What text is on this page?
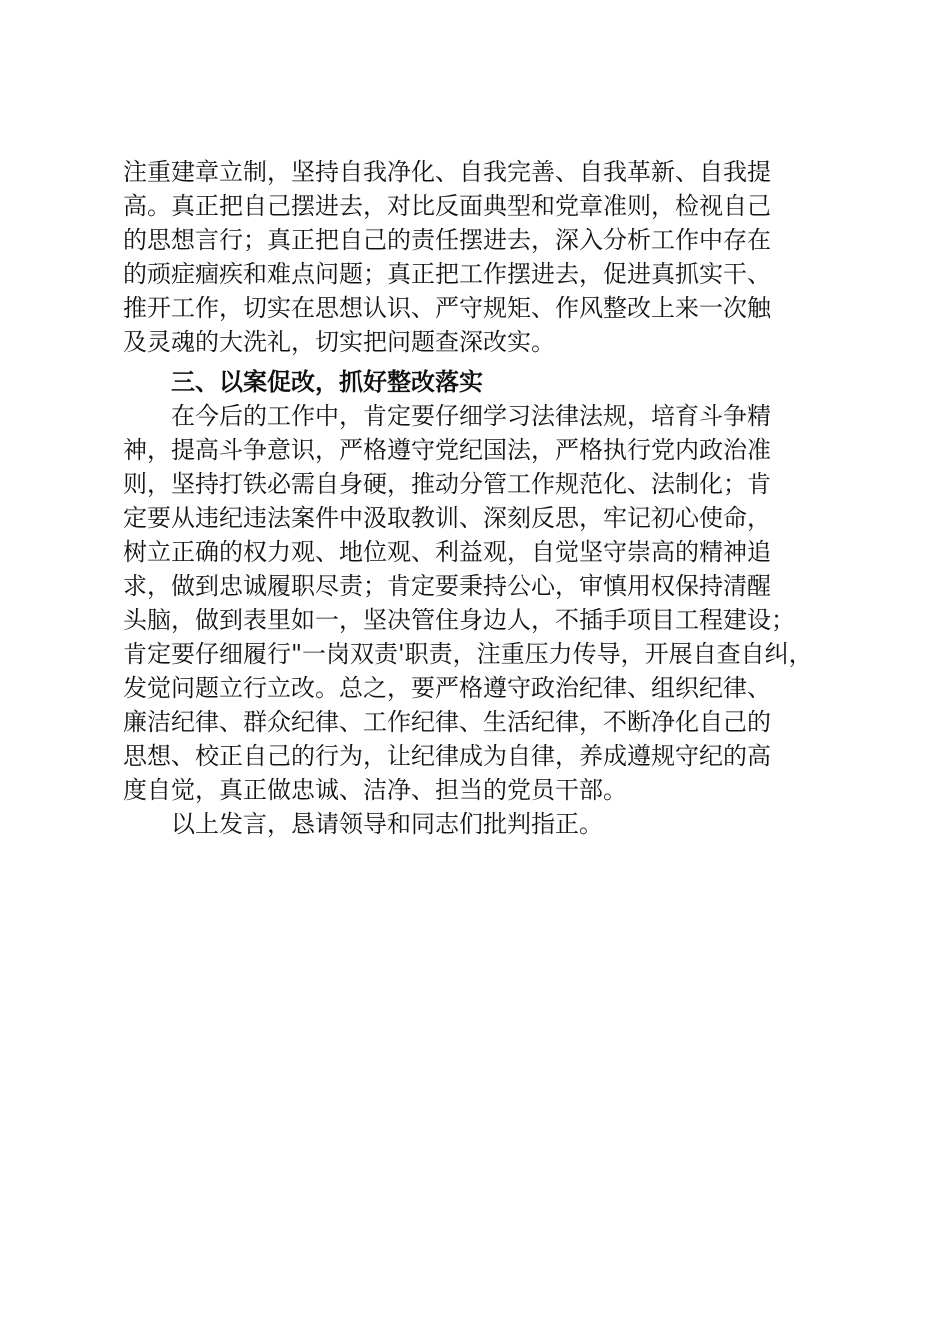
注重建章立制，坚持自我净化、自我完善、自我革新、自我提
高。真正把自己摆进去，对比反面典型和党章准则，检视自己
的思想言行；真正把自己的责任摆进去，深入分析工作中存在
的顽症痼疾和难点问题；真正把工作摆进去，促进真抓实干、
推开工作，切实在思想认识、严守规矩、作风整改上来一次触
及灵魂的大洗礼，切实把问题查深改实。
三、以案促改，抓好整改落实
在今后的工作中，肯定要仔细学习法律法规，培育斗争精
神，提高斗争意识，严格遵守党纪国法，严格执行党内政治准
则，坚持打铁必需自身硬，推动分管工作规范化、法制化；肯
定要从违纪违法案件中汲取教训、深刻反思，牢记初心使命，
树立正确的权力观、地位观、利益观，自觉坚守崇高的精神追
求，做到忠诚履职尽责；肯定要秉持公心，审慎用权保持清醒
头脑，做到表里如一，坚决管住身边人，不插手项目工程建设；
肯定要仔细履行"一岗双责'职责，注重压力传导，开展自查自纠，
发觉问题立行立改。总之，要严格遵守政治纪律、组织纪律、
廉洁纪律、群众纪律、工作纪律、生活纪律，不断净化自己的
思想、校正自己的行为，让纪律成为自律，养成遵规守纪的高
度自觉，真正做忠诚、洁净、担当的党员干部。
以上发言，恳请领导和同志们批判指正。
